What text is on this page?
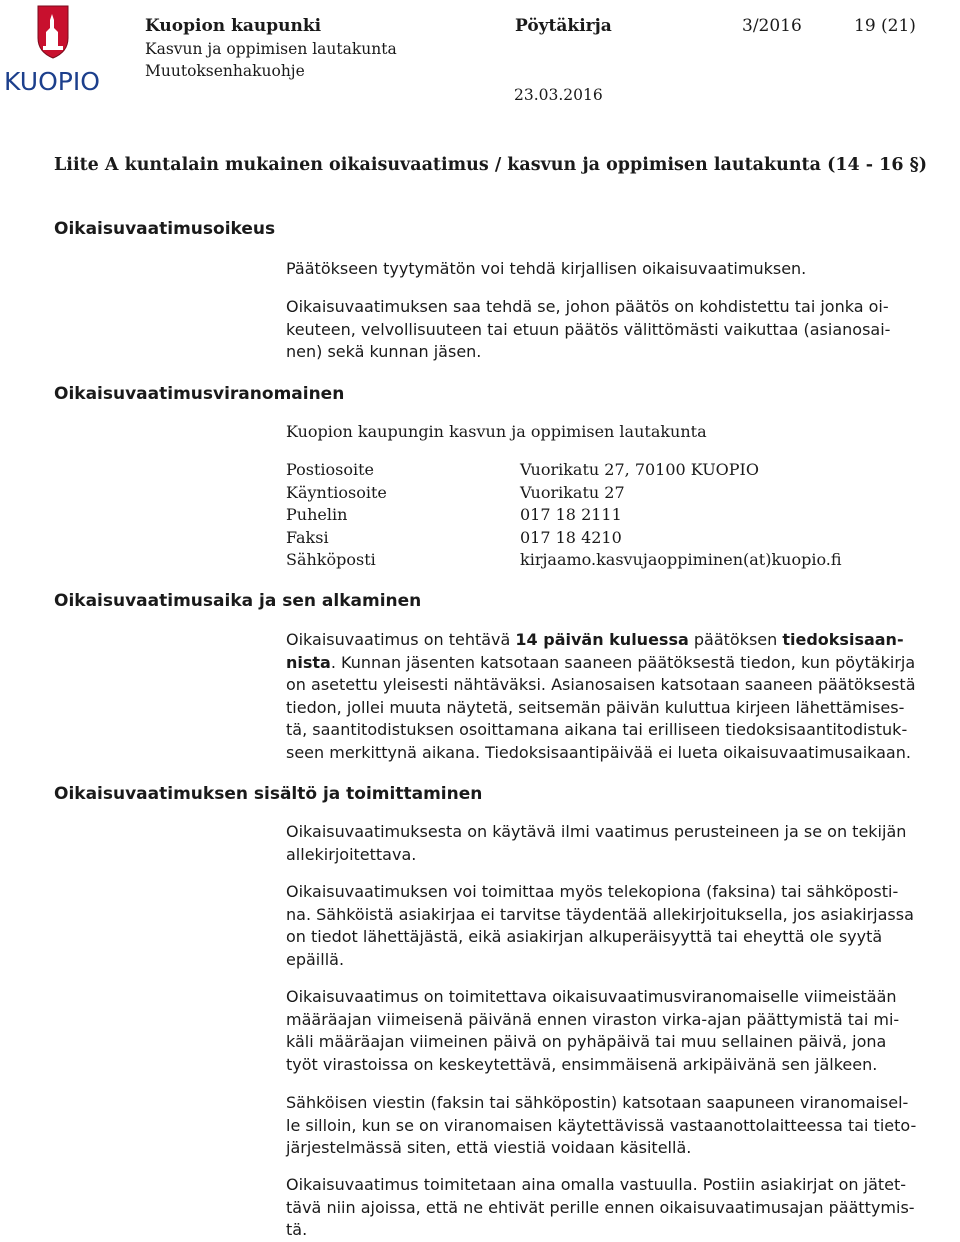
KUOPIO
Kuopion kaupunki
Kasvun ja oppimisen lautakunta
Muutoksenhakuohje
Pöytäkirja	3/2016	19 (21)
23.03.2016
Liite A kuntalain mukainen oikaisuvaatimus / kasvun ja oppimisen lautakunta (14 - 16 §)
Oikaisuvaatimusoikeus
Päätökseen tyytymätön voi tehdä kirjallisen oikaisuvaatimuksen.
Oikaisuvaatimuksen saa tehdä se, johon päätös on kohdistettu tai jonka oi-
keuteen, velvollisuuteen tai etuun päätös välittömästi vaikuttaa (asianosai-
nen) sekä kunnan jäsen.
Oikaisuvaatimusviranomainen
Kuopion kaupungin kasvun ja oppimisen lautakunta
Postiosoite	Vuorikatu 27, 70100 KUOPIO
Käyntiosoite	Vuorikatu 27
Puhelin	017 18 2111
Faksi	017 18 4210
Sähköposti	kirjaamo.kasvujaoppiminen(at)kuopio.fi
Oikaisuvaatimusaika ja sen alkaminen
Oikaisuvaatimus on tehtävä 14 päivän kuluessa päätöksen tiedoksisaan-
nista. Kunnan jäsenten katsotaan saaneen päätöksestä tiedon, kun pöytäkirja
on asetettu yleisesti nähtäväksi. Asianosaisen katsotaan saaneen päätöksestä
tiedon, jollei muuta näytetä, seitsemän päivän kuluttua kirjeen lähettämises-
tä, saantitodistuksen osoittamana aikana tai erilliseen tiedoksisaantitodistuk-
seen merkittynä aikana. Tiedoksisaantipäivää ei lueta oikaisuvaatimusaikaan.
Oikaisuvaatimuksen sisältö ja toimittaminen
Oikaisuvaatimuksesta on käytävä ilmi vaatimus perusteineen ja se on tekijän
allekirjoitettava.
Oikaisuvaatimuksen voi toimittaa myös telekopiona (faksina) tai sähköposti-
na. Sähköistä asiakirjaa ei tarvitse täydentää allekirjoituksella, jos asiakirjassa
on tiedot lähettäjästä, eikä asiakirjan alkuperäisyyttä tai eheyttä ole syytä
epäillä.
Oikaisuvaatimus on toimitettava oikaisuvaatimusviranomaiselle viimeistään
määräajan viimeisenä päivänä ennen viraston virka-ajan päättymistä tai mi-
käli määräajan viimeinen päivä on pyhäpäivä tai muu sellainen päivä, jona
työt virastoissa on keskeytettävä, ensimmäisenä arkipäivänä sen jälkeen.
Sähköisen viestin (faksin tai sähköpostin) katsotaan saapuneen viranomaisel-
le silloin, kun se on viranomaisen käytettävissä vastaanottolaitteessa tai tieto-
järjestelmässä siten, että viestiä voidaan käsitellä.
Oikaisuvaatimus toimitetaan aina omalla vastuulla. Postiin asiakirjat on jätet-
tävä niin ajoissa, että ne ehtivät perille ennen oikaisuvaatimusajan päättymis-
tä.
